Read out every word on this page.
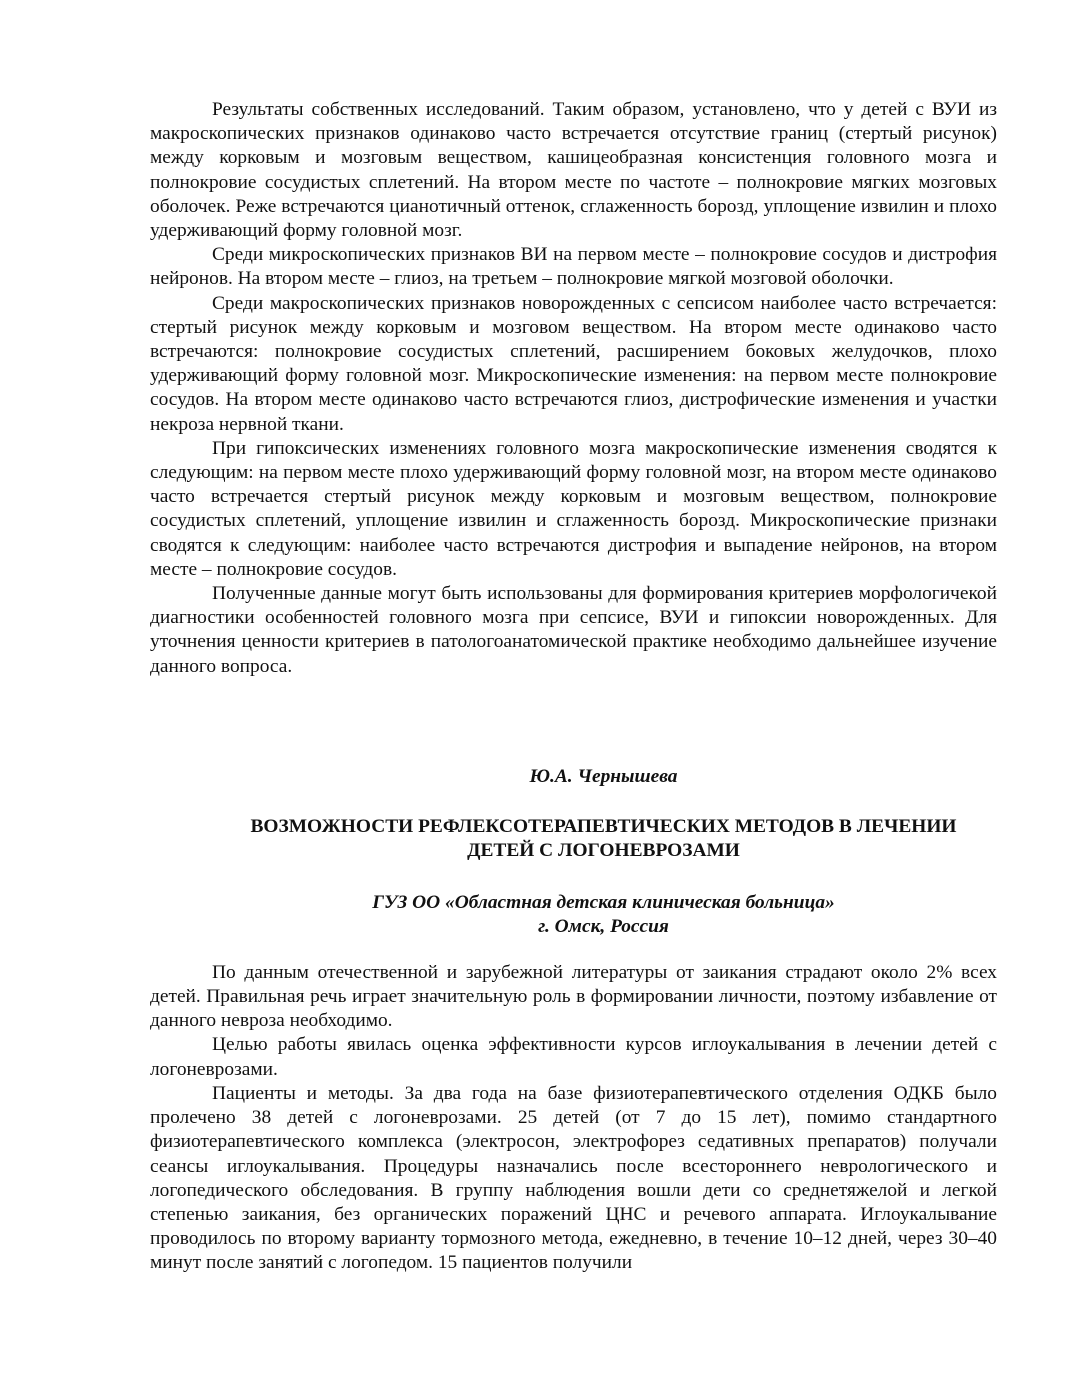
Результаты собственных исследований. Таким образом, установлено, что у детей с ВУИ из макроскопических признаков одинаково часто встречается отсутствие границ (стертый рисунок) между корковым и мозговым веществом, кашицеобразная консистенция головного мозга и полнокровие сосудистых сплетений. На втором месте по частоте – полнокровие мягких мозговых оболочек. Реже встречаются цианотичный оттенок, сглаженность борозд, уплощение извилин и плохо удерживающий форму головной мозг.

Среди микроскопических признаков ВИ на первом месте – полнокровие сосудов и дистрофия нейронов. На втором месте – глиоз, на третьем – полнокровие мягкой мозговой оболочки.

Среди макроскопических признаков новорожденных с сепсисом наиболее часто встречается: стертый рисунок между корковым и мозговом веществом. На втором месте одинаково часто встречаются: полнокровие сосудистых сплетений, расширением боковых желудочков, плохо удерживающий форму головной мозг. Микроскопические изменения: на первом месте полнокровие сосудов. На втором месте одинаково часто встречаются глиоз, дистрофические изменения и участки некроза нервной ткани.

При гипоксических изменениях головного мозга макроскопические изменения сводятся к следующим: на первом месте плохо удерживающий форму головной мозг, на втором месте одинаково часто встречается стертый рисунок между корковым и мозговым веществом, полнокровие сосудистых сплетений, уплощение извилин и сглаженность борозд. Микроскопические признаки сводятся к следующим: наиболее часто встречаются дистрофия и выпадение нейронов, на втором месте – полнокровие сосудов.

Полученные данные могут быть использованы для формирования критериев морфологичекой диагностики особенностей головного мозга при сепсисе, ВУИ и гипоксии новорожденных. Для уточнения ценности критериев в патологоанатомической практике необходимо дальнейшее изучение данного вопроса.

Ю.А. Чернышева

ВОЗМОЖНОСТИ РЕФЛЕКСОТЕРАПЕВТИЧЕСКИХ МЕТОДОВ В ЛЕЧЕНИИ
ДЕТЕЙ С ЛОГОНЕВРОЗАМИ
ГУЗ ОО «Областная детская клиническая больница»
г. Омск, Россия

По данным отечественной и зарубежной литературы от заикания страдают около 2% всех детей. Правильная речь играет значительную роль в формировании личности, поэтому избавление от данного невроза необходимо.

Целью работы явилась оценка эффективности курсов иглоукалывания в лечении детей с логоневрозами.

Пациенты и методы. За два года на базе физиотерапевтического отделения ОДКБ было пролечено 38 детей с логоневрозами. 25 детей (от 7 до 15 лет), помимо стандартного физиотерапевтического комплекса (электросон, электрофорез седативных препаратов) получали сеансы иглоукалывания. Процедуры назначались после всестороннего неврологического и логопедического обследования. В группу наблюдения вошли дети со среднетяжелой и легкой степенью заикания, без органических поражений ЦНС и речевого аппарата. Иглоукалывание проводилось по второму варианту тормозного метода, ежедневно, в течение 10–12 дней, через 30–40 минут после занятий с логопедом. 15 пациентов получили
